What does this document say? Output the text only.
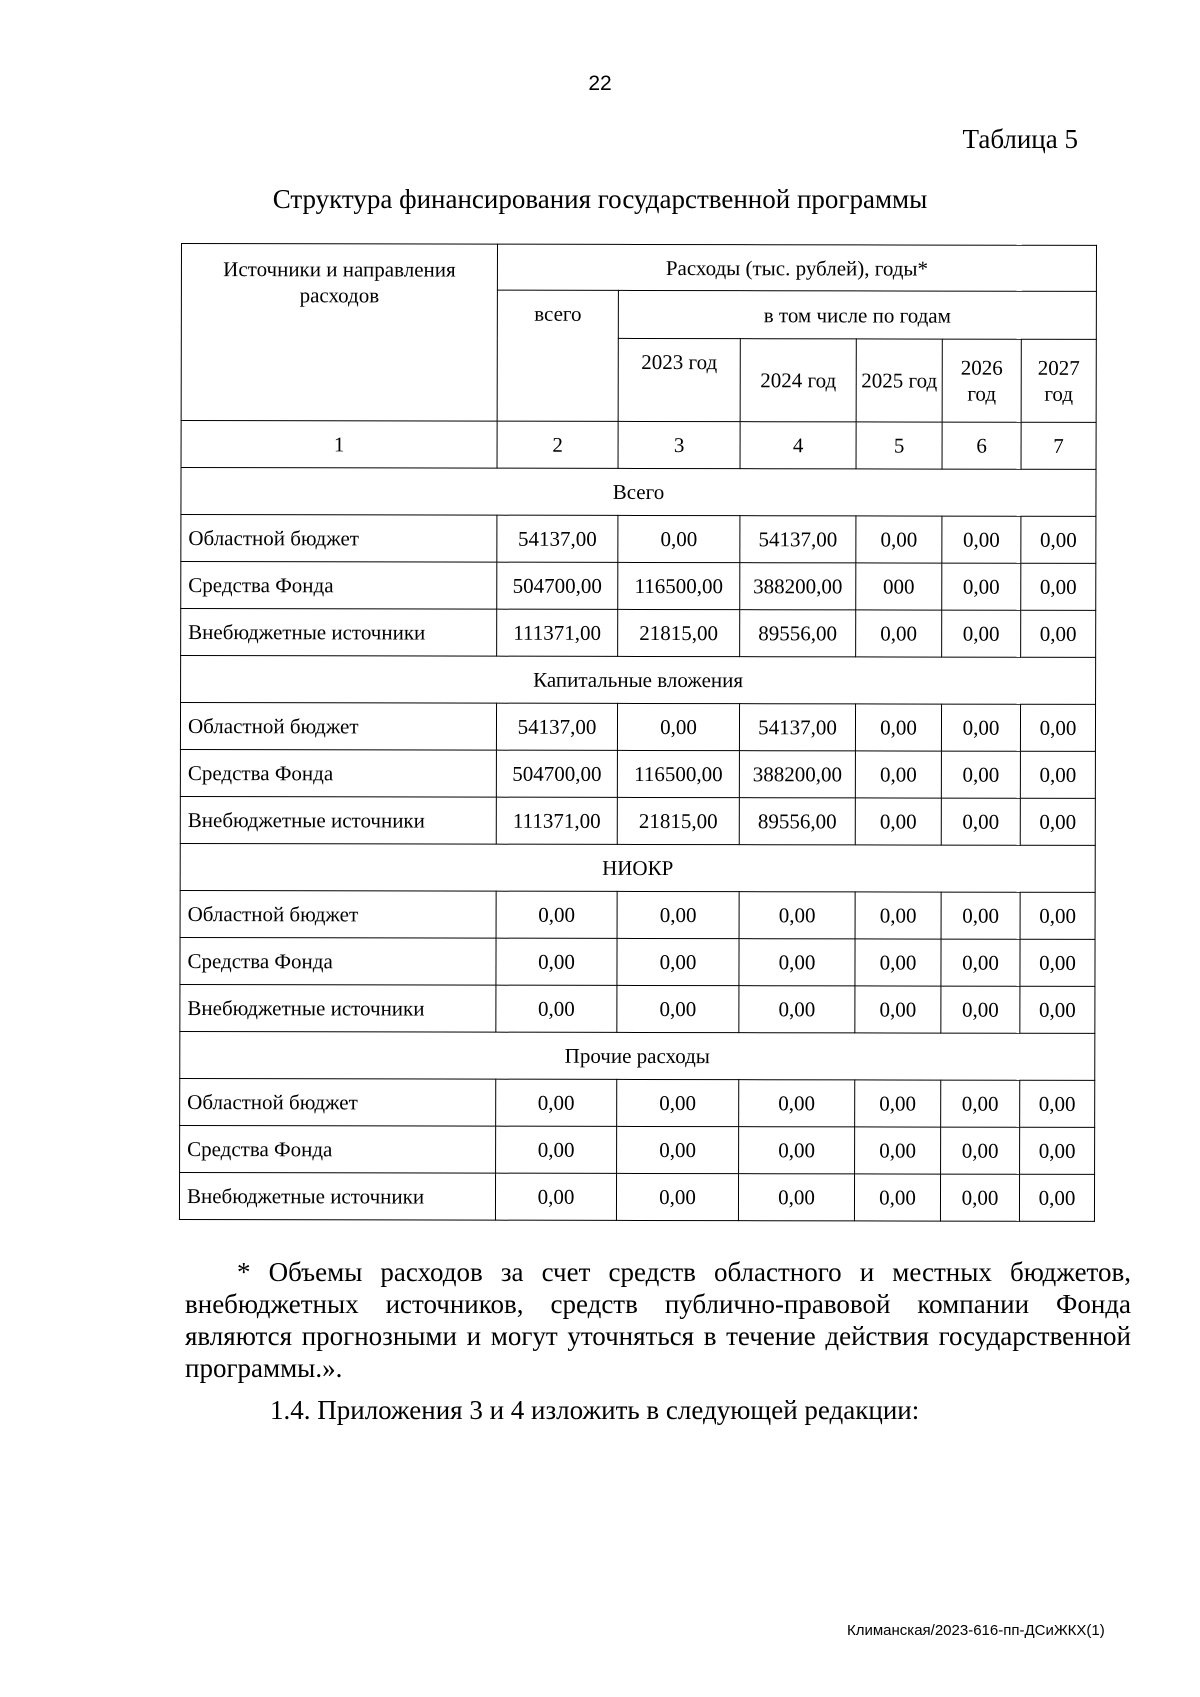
22
Таблица 5
Структура финансирования государственной программы
Источники и направления расходов	Расходы (тыс. рублей), годы*					
	всего	в том числе по годам				
		2023 год	2024 год	2025 год	2026 год	2027 год
1	2	3	4	5	6	7
Всего						
Областной бюджет	54137,00	0,00	54137,00	0,00	0,00	0,00
Средства Фонда	504700,00	116500,00	388200,00	000	0,00	0,00
Внебюджетные источники	111371,00	21815,00	89556,00	0,00	0,00	0,00
Капитальные вложения						
Областной бюджет	54137,00	0,00	54137,00	0,00	0,00	0,00
Средства Фонда	504700,00	116500,00	388200,00	0,00	0,00	0,00
Внебюджетные источники	111371,00	21815,00	89556,00	0,00	0,00	0,00
НИОКР						
Областной бюджет	0,00	0,00	0,00	0,00	0,00	0,00
Средства Фонда	0,00	0,00	0,00	0,00	0,00	0,00
Внебюджетные источники	0,00	0,00	0,00	0,00	0,00	0,00
Прочие расходы						
Областной бюджет	0,00	0,00	0,00	0,00	0,00	0,00
Средства Фонда	0,00	0,00	0,00	0,00	0,00	0,00
Внебюджетные источники	0,00	0,00	0,00	0,00	0,00	0,00
* Объемы расходов за счет средств областного и местных бюджетов, внебюджетных источников, средств публично-правовой компании Фонда являются прогнозными и могут уточняться в течение действия государственной программы.».
1.4. Приложения 3 и 4 изложить в следующей редакции:
Климанская/2023-616-пп-ДСиЖКХ(1)
